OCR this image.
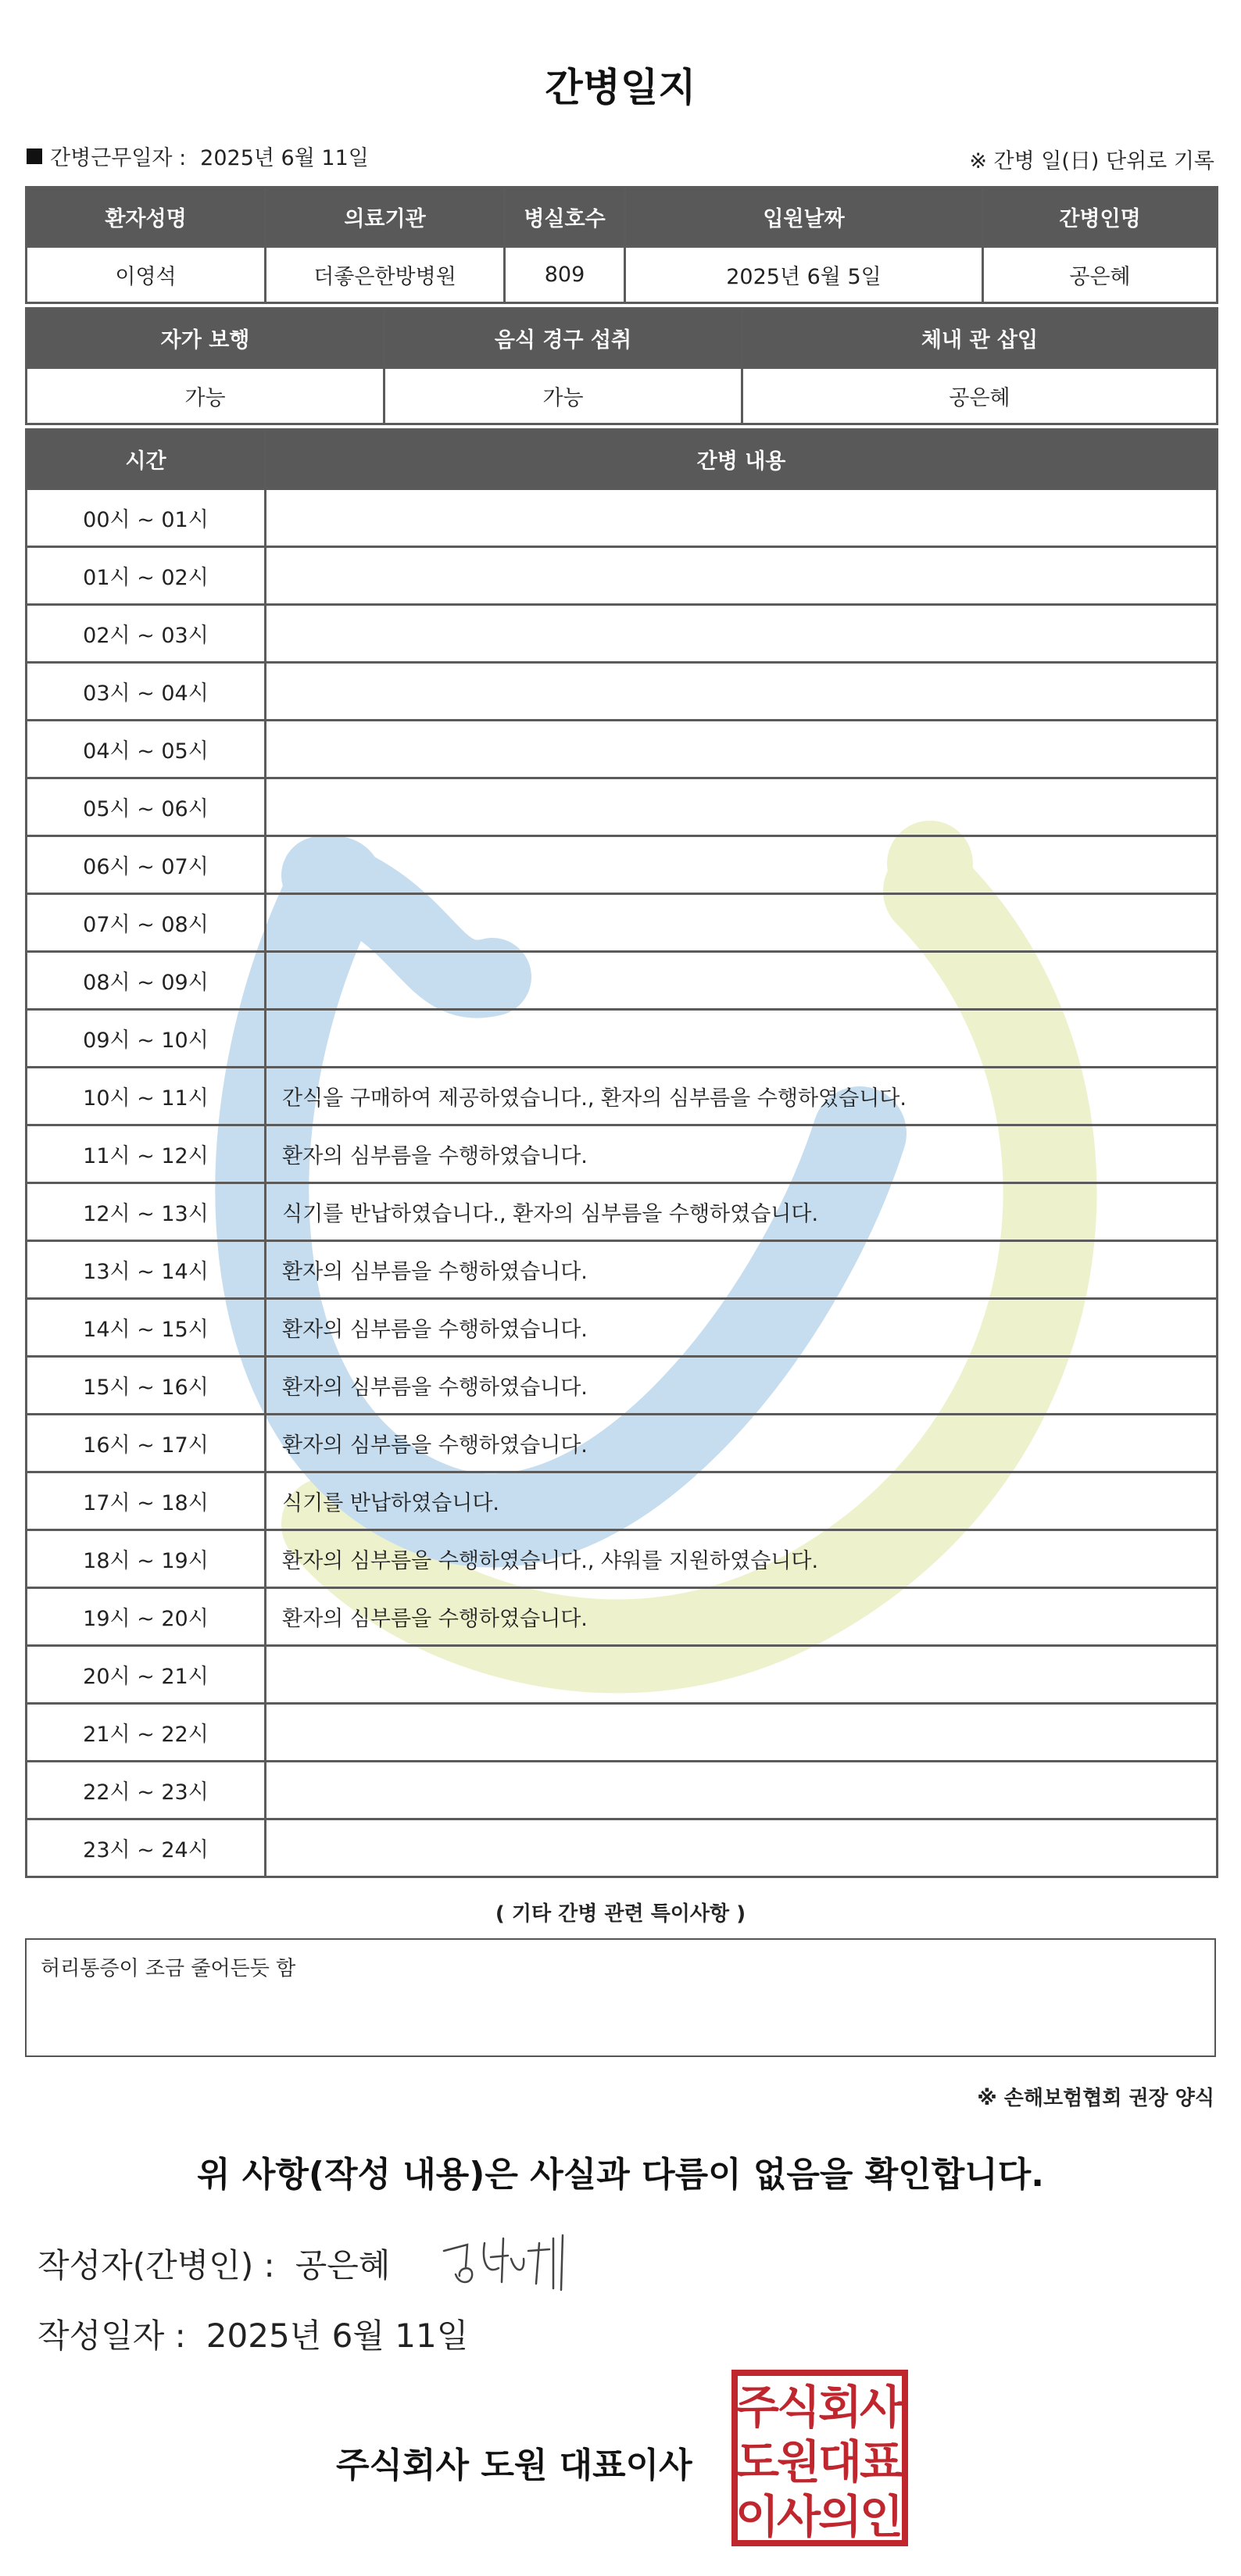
간병일지
간병근무일자 : 2025년 6월 11일	※ 간병 일(日) 단위로 기록
환자성명	의료기관	병실호수	입원날짜	간병인명
이영석	더좋은한방병원	809	2025년 6월 5일	공은혜
자가 보행	음식 경구 섭취	체내 관 삽입
가능	가능	공은혜
시간	간병 내용
00시 ~ 01시	
01시 ~ 02시	
02시 ~ 03시	
03시 ~ 04시	
04시 ~ 05시	
05시 ~ 06시	
06시 ~ 07시	
07시 ~ 08시	
08시 ~ 09시	
09시 ~ 10시	
10시 ~ 11시	간식을 구매하여 제공하였습니다., 환자의 심부름을 수행하였습니다.
11시 ~ 12시	환자의 심부름을 수행하였습니다.
12시 ~ 13시	식기를 반납하였습니다., 환자의 심부름을 수행하였습니다.
13시 ~ 14시	환자의 심부름을 수행하였습니다.
14시 ~ 15시	환자의 심부름을 수행하였습니다.
15시 ~ 16시	환자의 심부름을 수행하였습니다.
16시 ~ 17시	환자의 심부름을 수행하였습니다.
17시 ~ 18시	식기를 반납하였습니다.
18시 ~ 19시	환자의 심부름을 수행하였습니다., 샤워를 지원하였습니다.
19시 ~ 20시	환자의 심부름을 수행하였습니다.
20시 ~ 21시	
21시 ~ 22시	
22시 ~ 23시	
23시 ~ 24시	
( 기타 간병 관련 특이사항 )
허리통증이 조금 줄어든듯 함
※ 손해보험협회 권장 양식
위 사항(작성 내용)은 사실과 다름이 없음을 확인합니다.
작성자(간병인) : 공은혜
작성일자 : 2025년 6월 11일
주식회사 도원 대표이사
주
식
회
사
도
원
대
표
이
사
의
인
